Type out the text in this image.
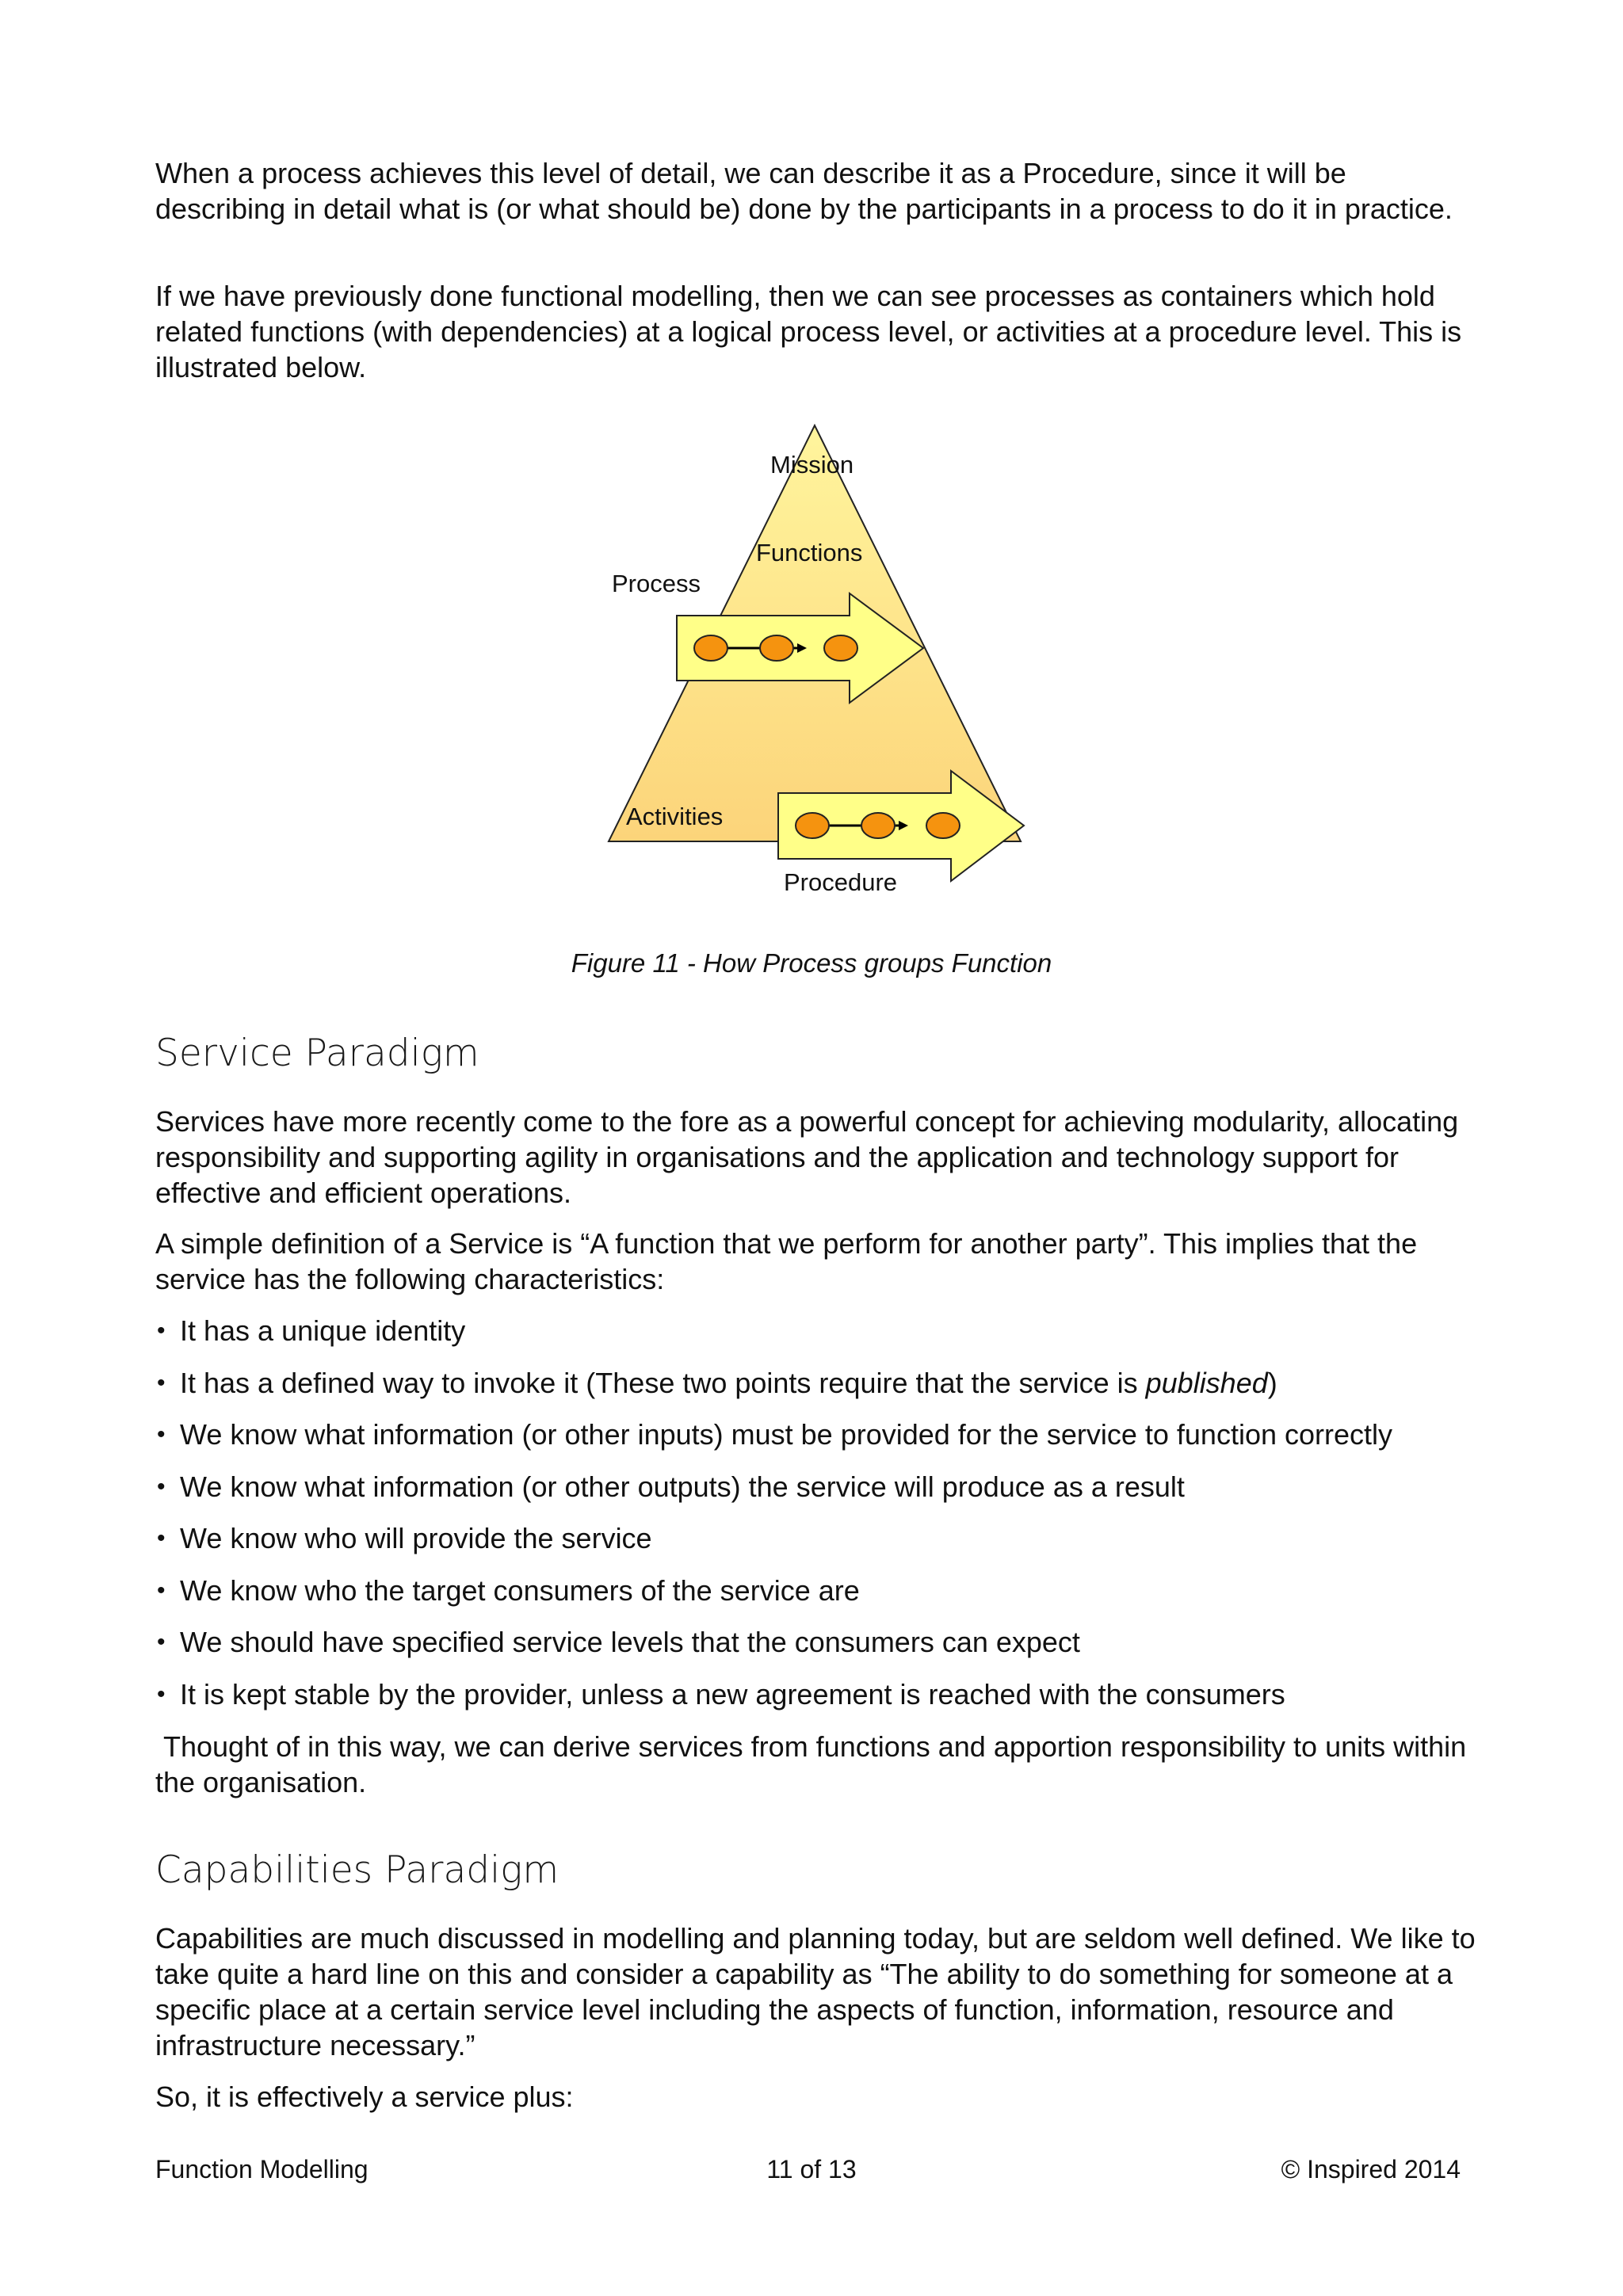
When a process achieves this level of detail, we can describe it as a Procedure, since it will be describing in detail what is (or what should be) done by the participants in a process to do it in practice.

If we have previously done functional modelling, then we can see processes as containers which hold related functions (with dependencies) at a logical process level, or activities at a procedure level. This is illustrated below.

Mission
Functions
Process
Activities
Procedure
Figure 11 - How Process groups Function
Service Paradigm

Services have more recently come to the fore as a powerful concept for achieving modularity, allocating responsibility and supporting agility in organisations and the application and technology support for effective and efficient operations.

A simple definition of a Service is “A function that we perform for another party”. This implies that the service has the following characteristics:

• It has a unique identity
• It has a defined way to invoke it (These two points require that the service is published)
• We know what information (or other inputs) must be provided for the service to function correctly
• We know what information (or other outputs) the service will produce as a result
• We know who will provide the service
• We know who the target consumers of the service are
• We should have specified service levels that the consumers can expect
• It is kept stable by the provider, unless a new agreement is reached with the consumers

Thought of in this way, we can derive services from functions and apportion responsibility to units within the organisation.

Capabilities Paradigm

Capabilities are much discussed in modelling and planning today, but are seldom well defined. We like to take quite a hard line on this and consider a capability as “The ability to do something for someone at a specific place at a certain service level including the aspects of function, information, resource and infrastructure necessary.”

So, it is effectively a service plus:

Function Modelling	11 of 13	© Inspired 2014
